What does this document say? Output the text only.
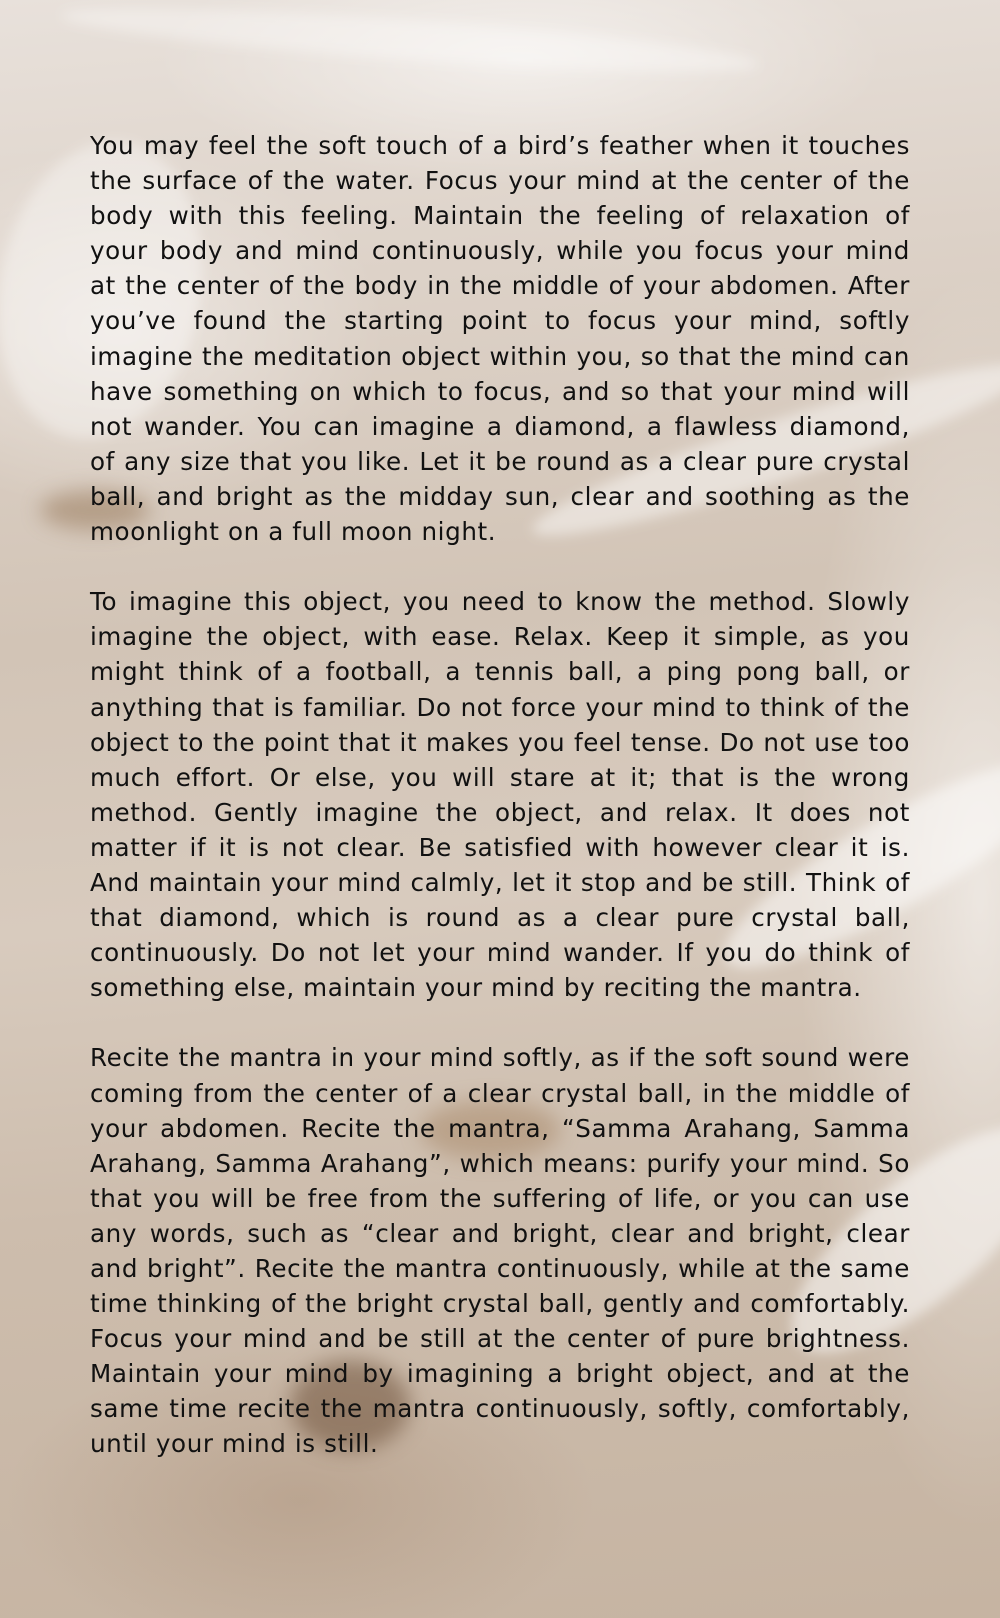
You may feel the soft touch of a bird’s feather when it touches the surface of the water. Focus your mind at the center of the body with this feeling. Maintain the feeling of relaxation of your body and mind continuously, while you focus your mind at the center of the body in the middle of your abdomen. After you’ve found the starting point to focus your mind, softly imagine the meditation object within you, so that the mind can have something on which to focus, and so that your mind will not wander. You can imagine a diamond, a flawless diamond, of any size that you like. Let it be round as a clear pure crystal ball, and bright as the midday sun, clear and soothing as the moonlight on a full moon night.

To imagine this object, you need to know the method. Slowly imagine the object, with ease. Relax. Keep it simple, as you might think of a football, a tennis ball, a ping pong ball, or anything that is familiar. Do not force your mind to think of the object to the point that it makes you feel tense. Do not use too much effort. Or else, you will stare at it; that is the wrong method. Gently imagine the object, and relax. It does not matter if it is not clear. Be satisfied with however clear it is. And maintain your mind calmly, let it stop and be still. Think of that diamond, which is round as a clear pure crystal ball, continuously. Do not let your mind wander. If you do think of something else, maintain your mind by reciting the mantra.

Recite the mantra in your mind softly, as if the soft sound were coming from the center of a clear crystal ball, in the middle of your abdomen. Recite the mantra, “Samma Arahang, Samma Arahang, Samma Arahang”, which means: purify your mind. So that you will be free from the suffering of life, or you can use any words, such as “clear and bright, clear and bright, clear and bright”. Recite the mantra continuously, while at the same time thinking of the bright crystal ball, gently and comfortably. Focus your mind and be still at the center of pure brightness. Maintain your mind by imagining a bright object, and at the same time recite the mantra continuously, softly, comfortably, until your mind is still.
